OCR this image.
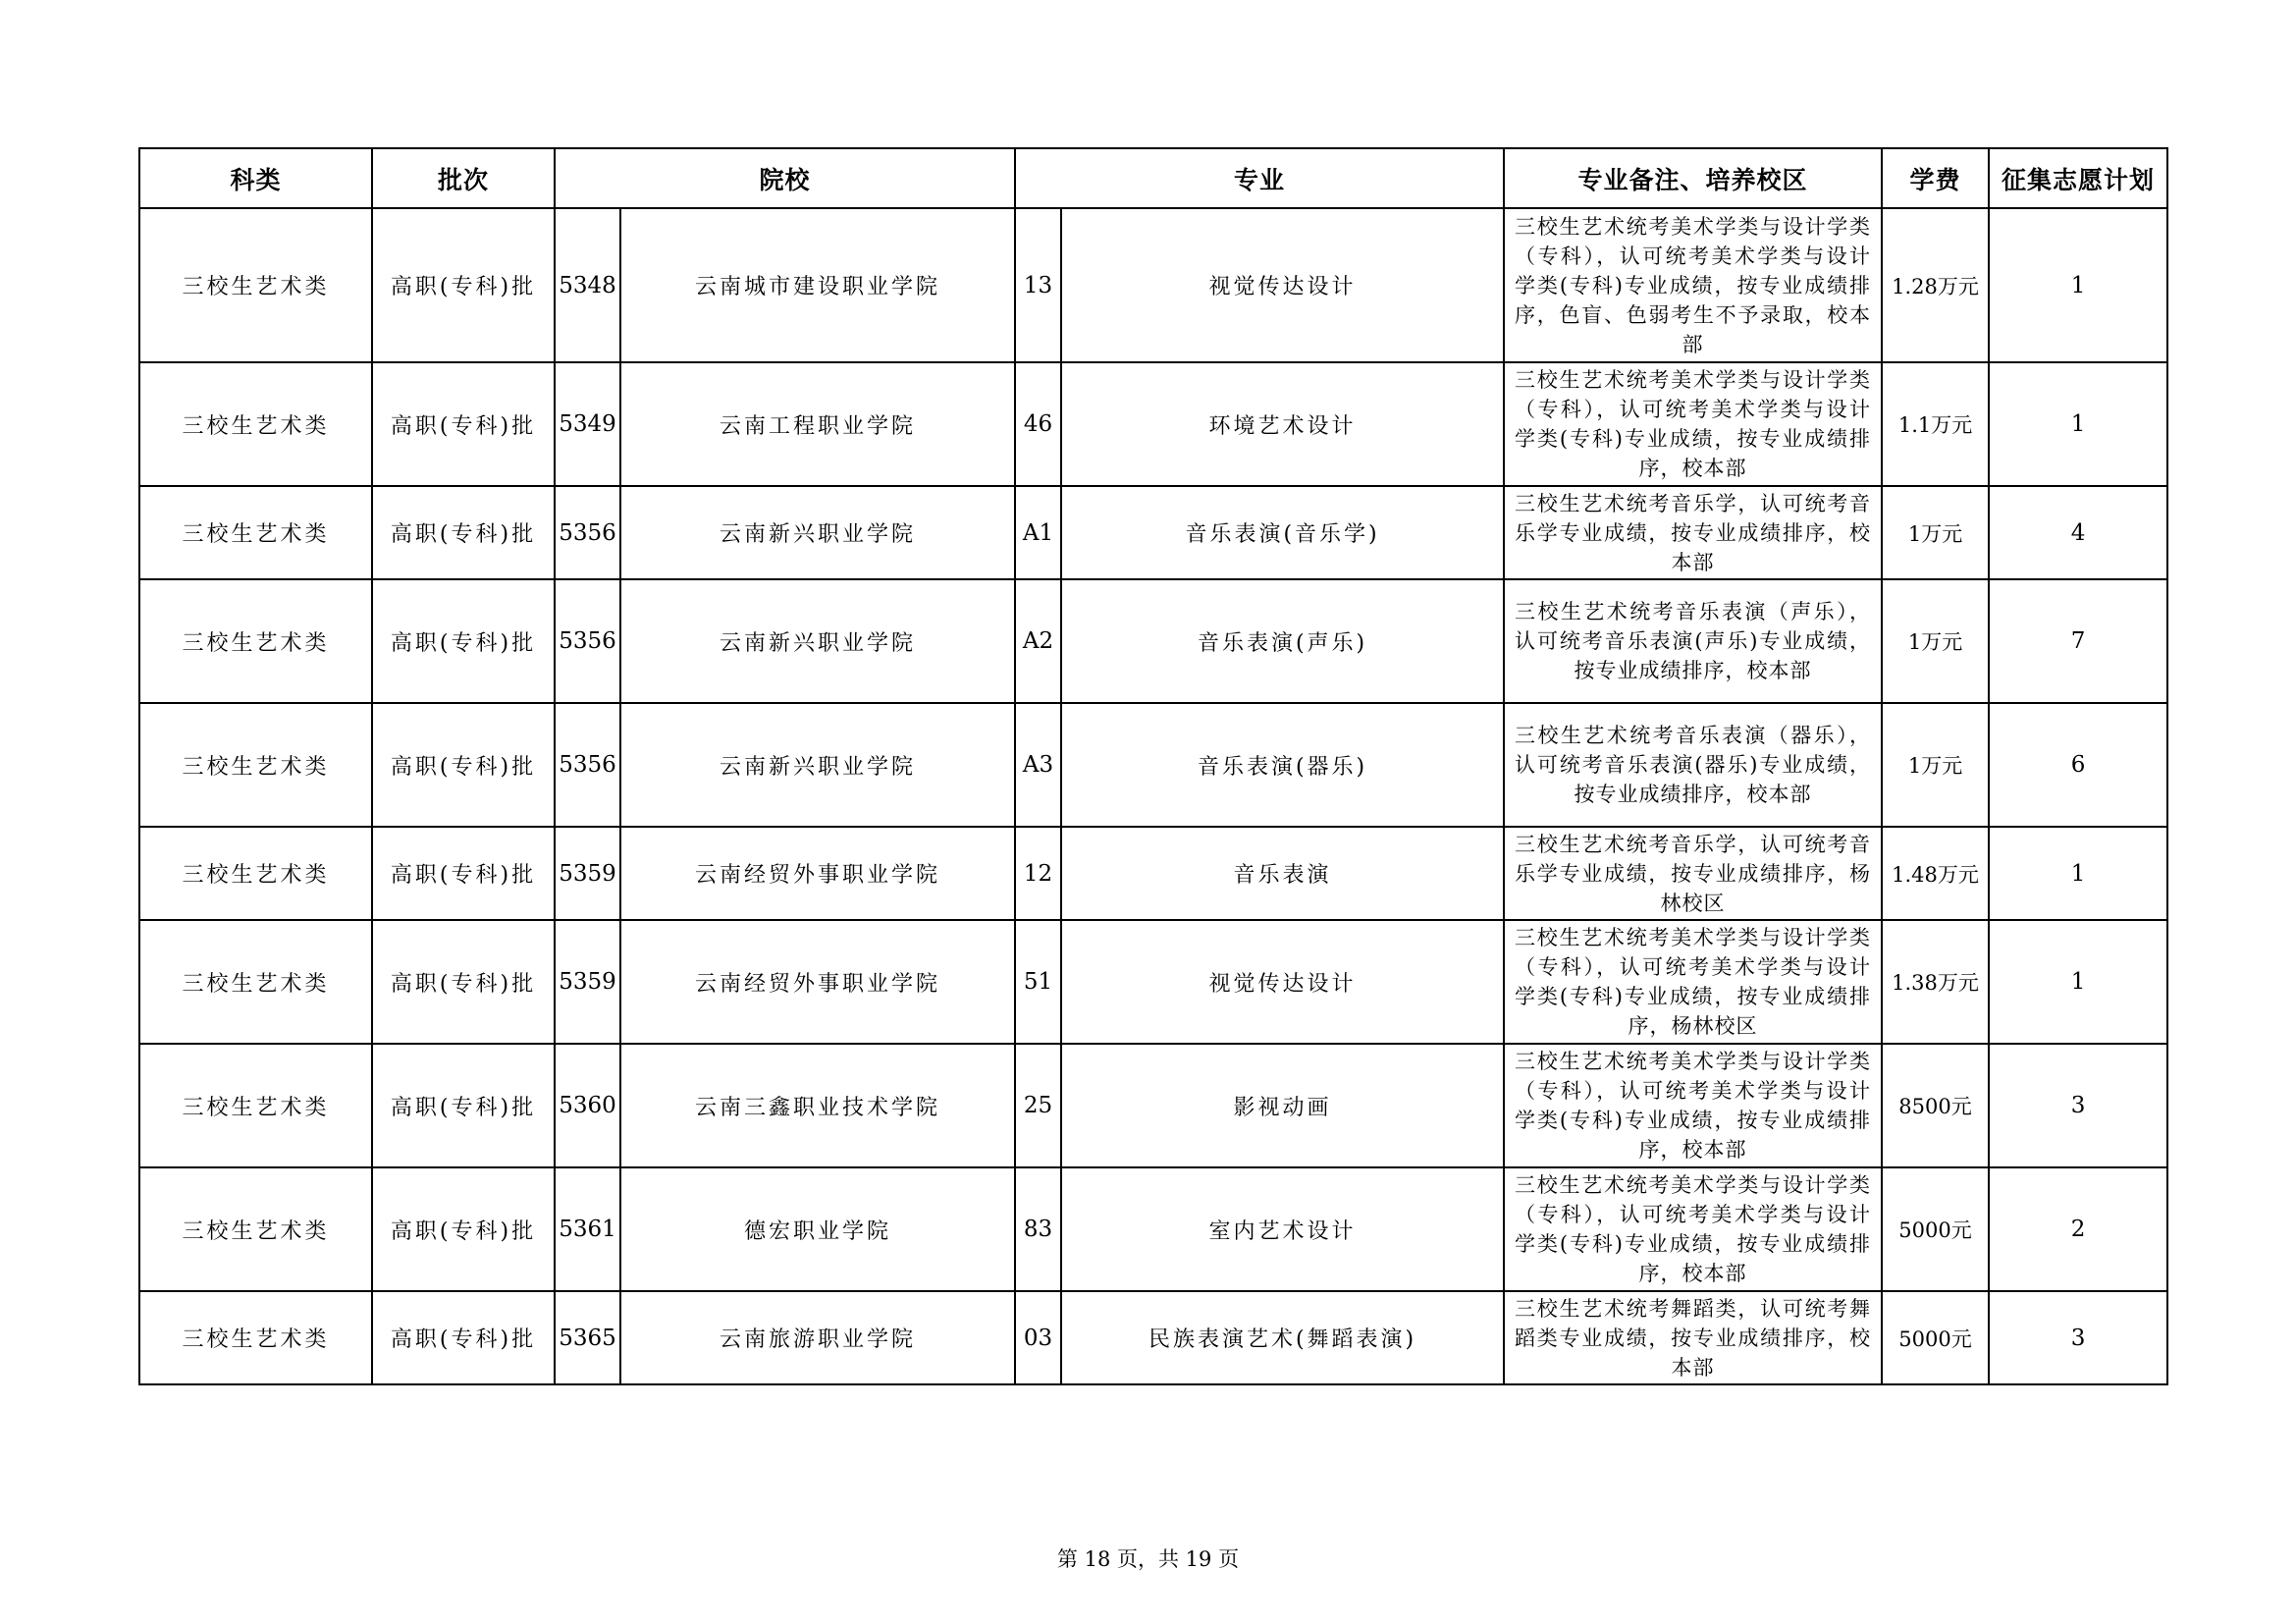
科类	批次	院校		专业		专业备注、培养校区	学费	征集志愿计划
三校生艺术类	高职(专科)批	5348	云南城市建设职业学院	13	视觉传达设计	三校生艺术统考美术学类与设计学类（专科），认可统考美术学类与设计学类(专科)专业成绩，按专业成绩排序，色盲、色弱考生不予录取，校本部	1.28万元	1
三校生艺术类	高职(专科)批	5349	云南工程职业学院	46	环境艺术设计	三校生艺术统考美术学类与设计学类（专科），认可统考美术学类与设计学类(专科)专业成绩，按专业成绩排序，校本部	1.1万元	1
三校生艺术类	高职(专科)批	5356	云南新兴职业学院	A1	音乐表演(音乐学)	三校生艺术统考音乐学，认可统考音乐学专业成绩，按专业成绩排序，校本部	1万元	4
三校生艺术类	高职(专科)批	5356	云南新兴职业学院	A2	音乐表演(声乐)	三校生艺术统考音乐表演（声乐），认可统考音乐表演(声乐)专业成绩，按专业成绩排序，校本部	1万元	7
三校生艺术类	高职(专科)批	5356	云南新兴职业学院	A3	音乐表演(器乐)	三校生艺术统考音乐表演（器乐），认可统考音乐表演(器乐)专业成绩，按专业成绩排序，校本部	1万元	6
三校生艺术类	高职(专科)批	5359	云南经贸外事职业学院	12	音乐表演	三校生艺术统考音乐学，认可统考音乐学专业成绩，按专业成绩排序，杨林校区	1.48万元	1
三校生艺术类	高职(专科)批	5359	云南经贸外事职业学院	51	视觉传达设计	三校生艺术统考美术学类与设计学类（专科），认可统考美术学类与设计学类(专科)专业成绩，按专业成绩排序，杨林校区	1.38万元	1
三校生艺术类	高职(专科)批	5360	云南三鑫职业技术学院	25	影视动画	三校生艺术统考美术学类与设计学类（专科），认可统考美术学类与设计学类(专科)专业成绩，按专业成绩排序，校本部	8500元	3
三校生艺术类	高职(专科)批	5361	德宏职业学院	83	室内艺术设计	三校生艺术统考美术学类与设计学类（专科），认可统考美术学类与设计学类(专科)专业成绩，按专业成绩排序，校本部	5000元	2
三校生艺术类	高职(专科)批	5365	云南旅游职业学院	03	民族表演艺术(舞蹈表演)	三校生艺术统考舞蹈类，认可统考舞蹈类专业成绩，按专业成绩排序，校本部	5000元	3
第 18 页，共 19 页
